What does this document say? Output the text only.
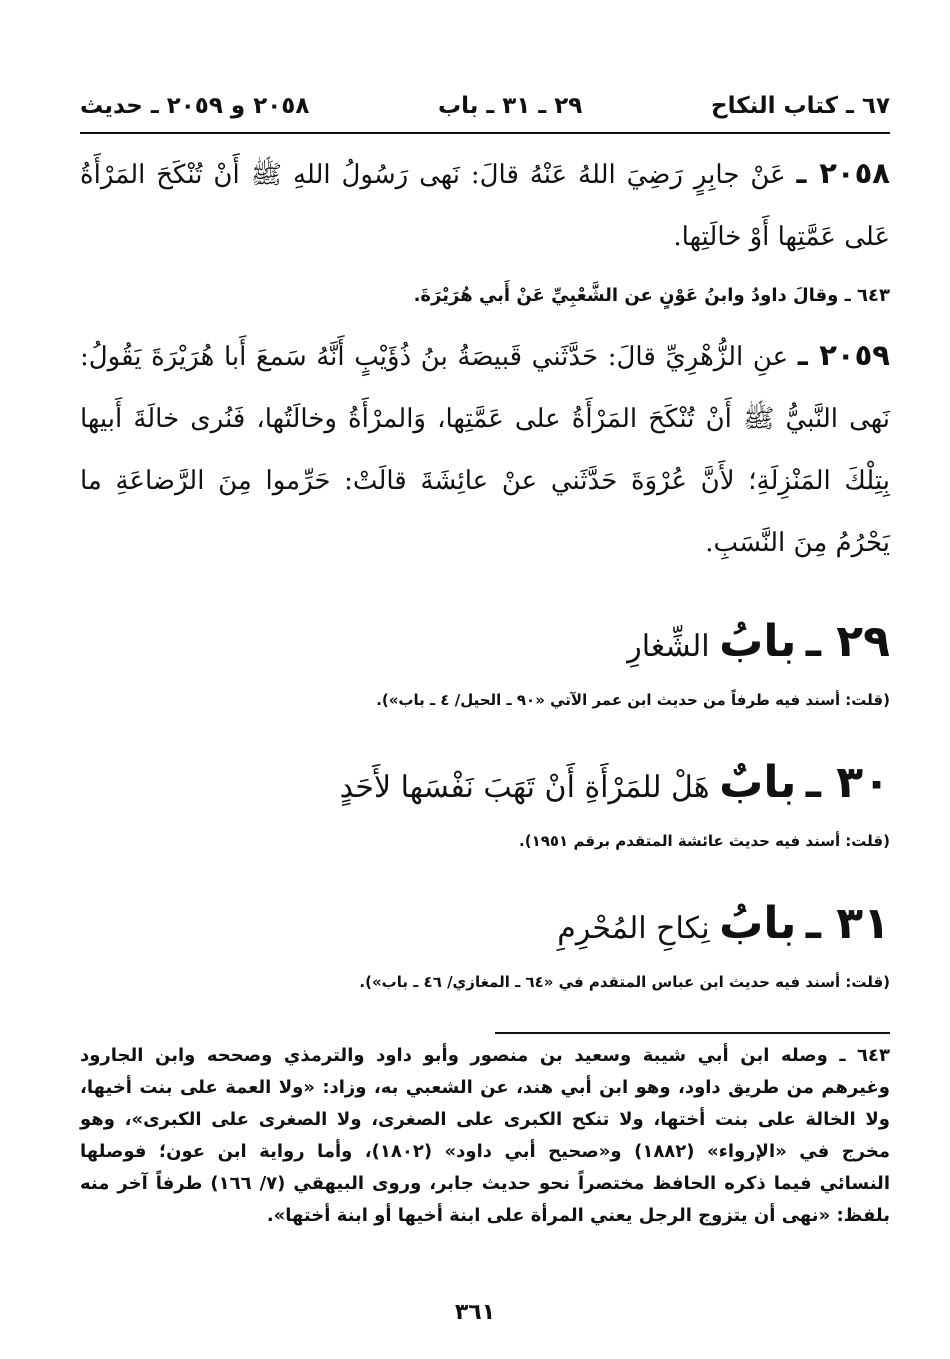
٦٧ ـ كتاب النكاح
٢٩ ـ ٣١ ـ باب
٢٠٥٨ و ٢٠٥٩ ـ حديث

٢٠٥٨ ـ عَنْ جابِرٍ رَضِيَ اللهُ عَنْهُ قالَ: نَهى رَسُولُ اللهِ ﷺ أَنْ تُنْكَحَ المَرْأَةُ عَلى عَمَّتِها أَوْ خالَتِها.

٦٤٣ ـ وقالَ داودُ وابنُ عَوْنٍ عن الشَّعْبِيِّ عَنْ أَبي هُرَيْرَةَ.

٢٠٥٩ ـ عنِ الزُّهْرِيِّ قالَ: حَدَّثَني قَبيصَةُ بنُ ذُؤَيْبٍ أَنَّهُ سَمعَ أَبا هُرَيْرَةَ يَقُولُ: نَهى النَّبيُّ ﷺ أَنْ تُنْكَحَ المَرْأَةُ على عَمَّتِها، وَالمرْأَةُ وخالَتُها، فَنُرى خالَةَ أَبيها بِتِلْكَ المَنْزِلَةِ؛ لأَنَّ عُرْوَةَ حَدَّثَني عنْ عائِشَةَ قالَتْ: حَرِّموا مِنَ الرَّضاعَةِ ما يَحْرُمُ مِنَ النَّسَبِ.

٢٩ ـ بابُ الشِّغارِ

(قلت: أسند فيه طرفاً من حديث ابن عمر الآتي «٩٠ ـ الحيل/ ٤ ـ باب»).

٣٠ ـ بابٌ هَلْ للمَرْأَةِ أَنْ تَهَبَ نَفْسَها لأَحَدٍ

(قلت: أسند فيه حديث عائشة المتقدم برقم ١٩٥١).

٣١ ـ بابُ نِكاحِ المُحْرِمِ

(قلت: أسند فيه حديث ابن عباس المتقدم في «٦٤ ـ المغازي/ ٤٦ ـ باب»).

٦٤٣ ـ وصله ابن أبي شيبة وسعيد بن منصور وأبو داود والترمذي وصححه وابن الجارود وغيرهم من طريق داود، وهو ابن أبي هند، عن الشعبي به، وزاد: «ولا العمة على بنت أخيها، ولا الخالة على بنت أختها، ولا تنكح الكبرى على الصغرى، ولا الصغرى على الكبرى»، وهو مخرج في «الإرواء» (١٨٨٢) و«صحيح أبي داود» (١٨٠٢)، وأما رواية ابن عون؛ فوصلها النسائي فيما ذكره الحافظ مختصراً نحو حديث جابر، وروى البيهقي (٧/ ١٦٦) طرفاً آخر منه بلفظ: «نهى أن يتزوج الرجل يعني المرأة على ابنة أخيها أو ابنة أختها».

٣٦١
